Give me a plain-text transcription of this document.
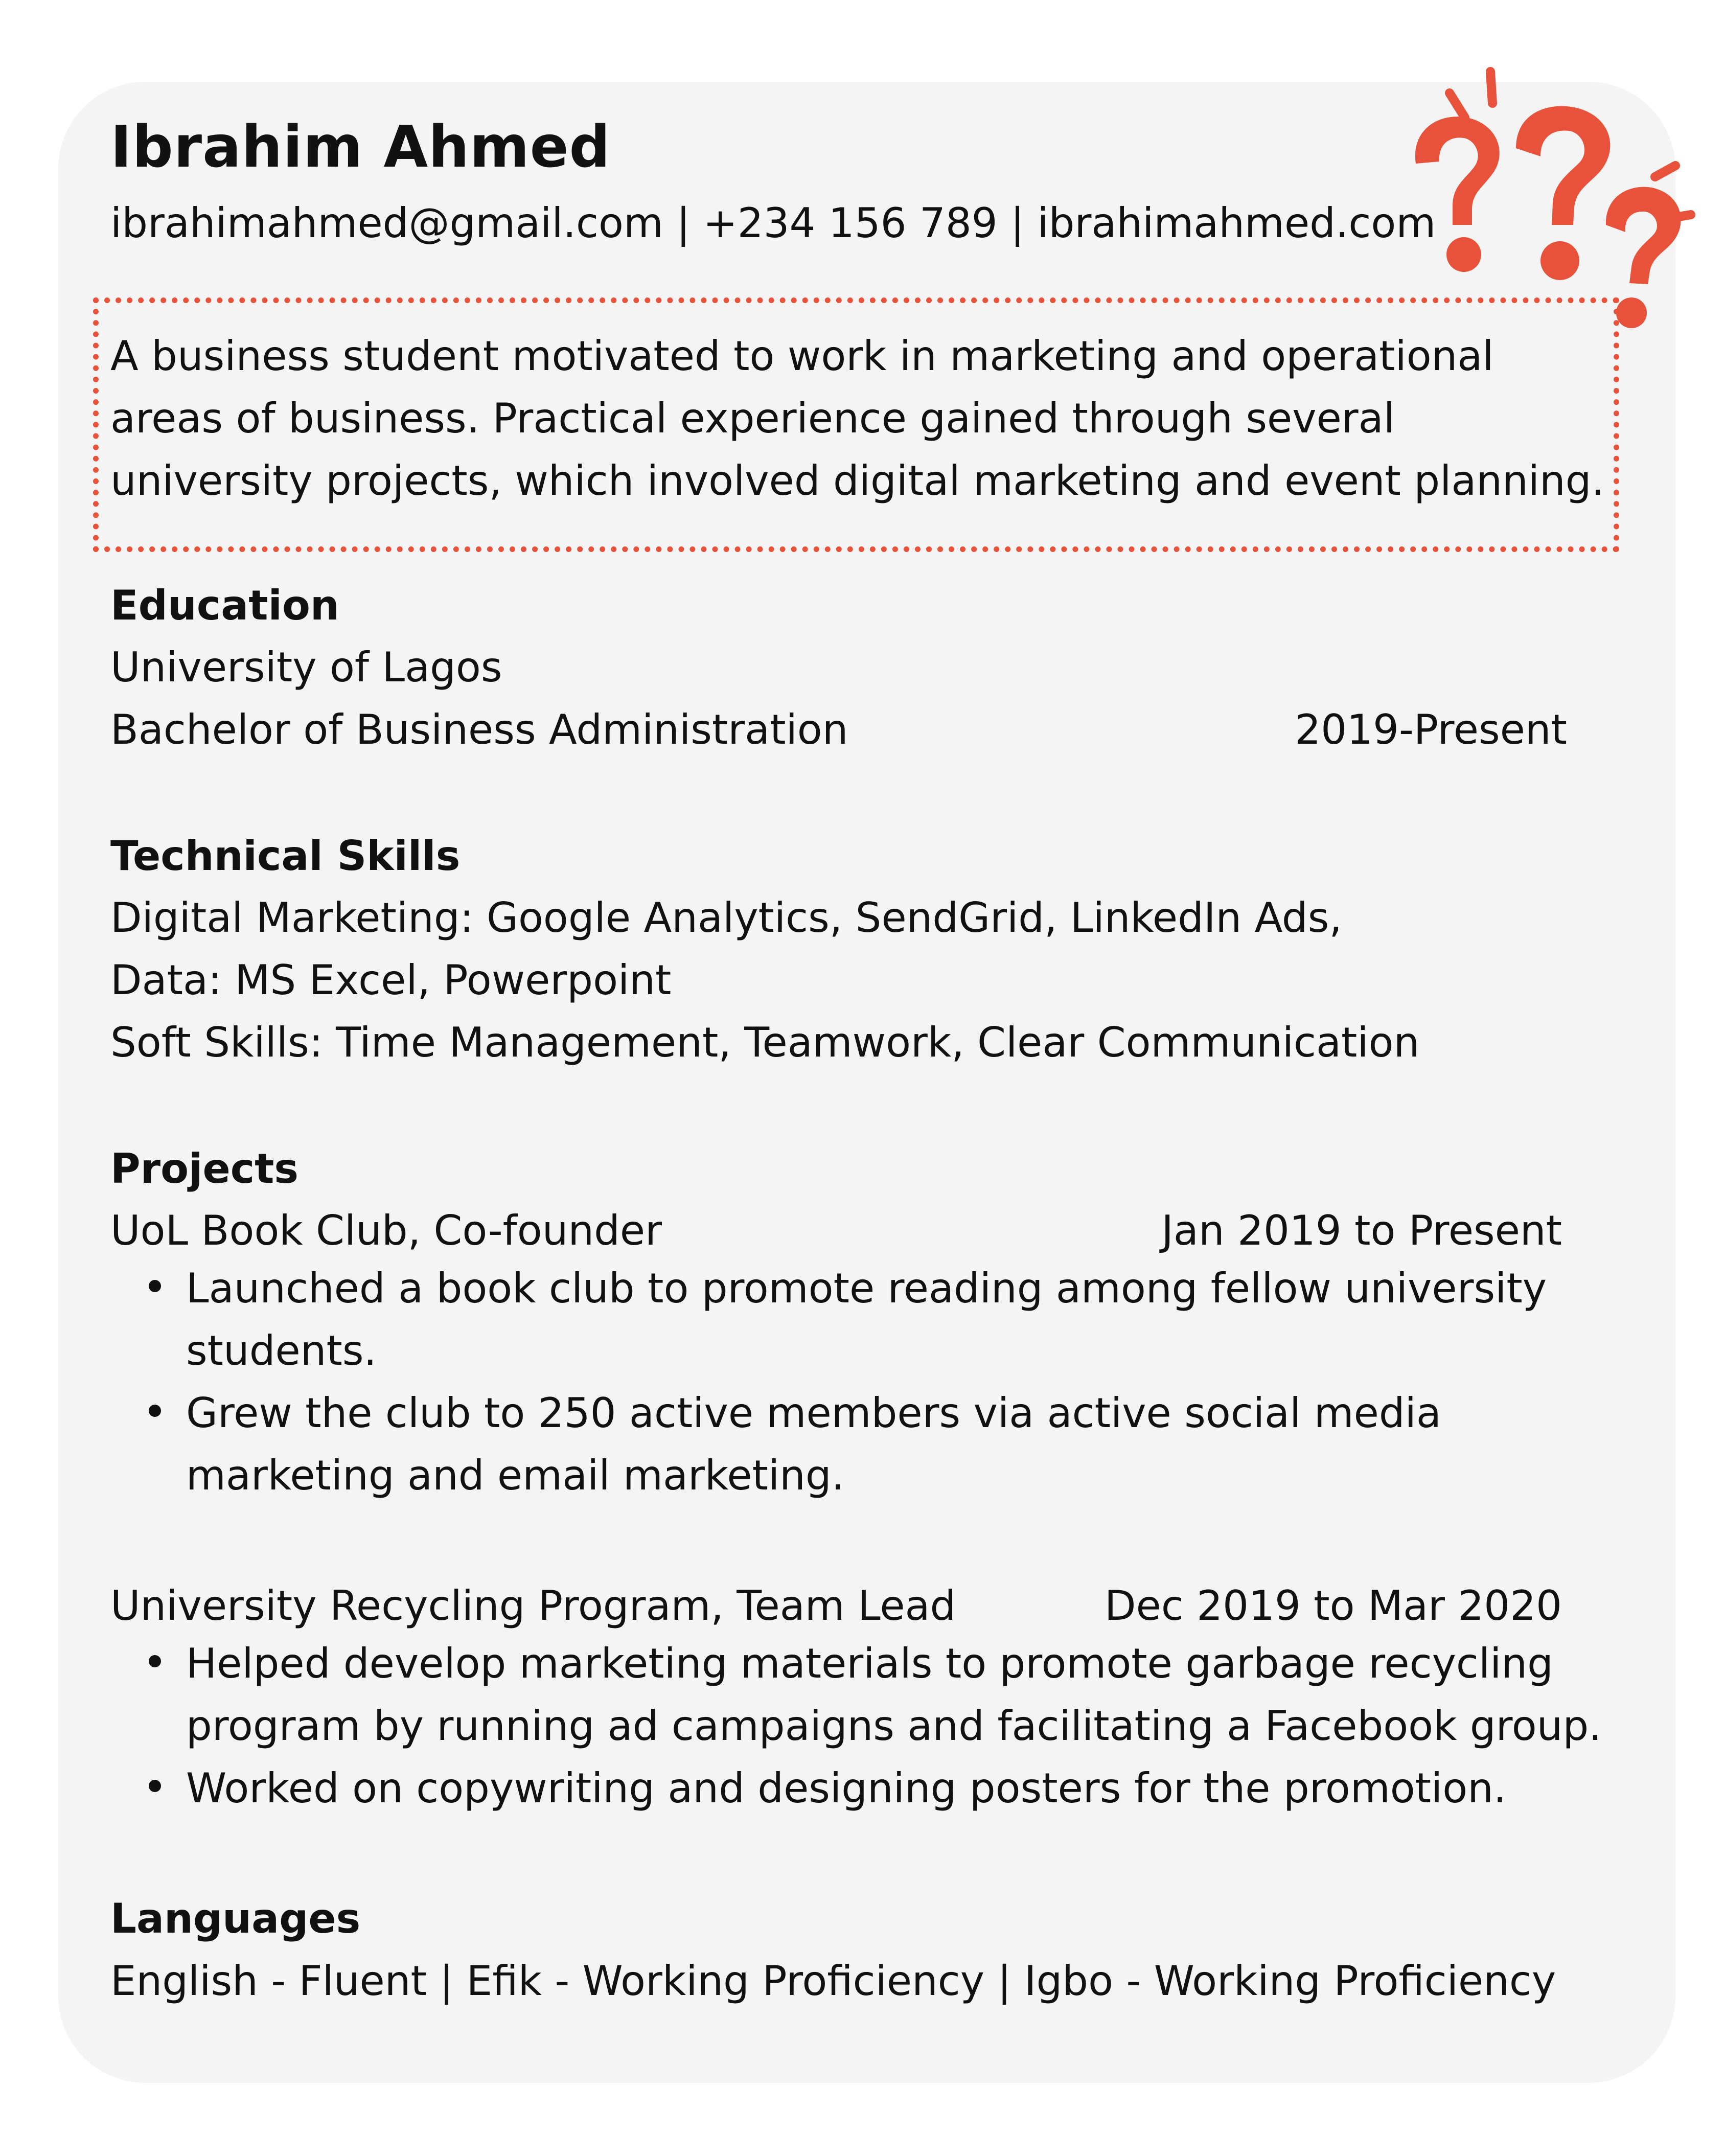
Ibrahim Ahmed
ibrahimahmed@gmail.com | +234 156 789 | ibrahimahmed.com
A business student motivated to work in marketing and operational
areas of business. Practical experience gained through several
university projects, which involved digital marketing and event planning.
Education
University of Lagos
Bachelor of Business Administration	2019-Present
Technical Skills
Digital Marketing: Google Analytics, SendGrid, LinkedIn Ads,
Data: MS Excel, Powerpoint
Soft Skills: Time Management, Teamwork, Clear Communication
Projects
UoL Book Club, Co-founder	Jan 2019 to Present
Launched a book club to promote reading among fellow university
students.
Grew the club to 250 active members via active social media
marketing and email marketing.
University Recycling Program, Team Lead	Dec 2019 to Mar 2020
Helped develop marketing materials to promote garbage recycling
program by running ad campaigns and facilitating a Facebook group.
Worked on copywriting and designing posters for the promotion.
Languages
English - Fluent | Efik - Working Proficiency | Igbo - Working Proficiency
